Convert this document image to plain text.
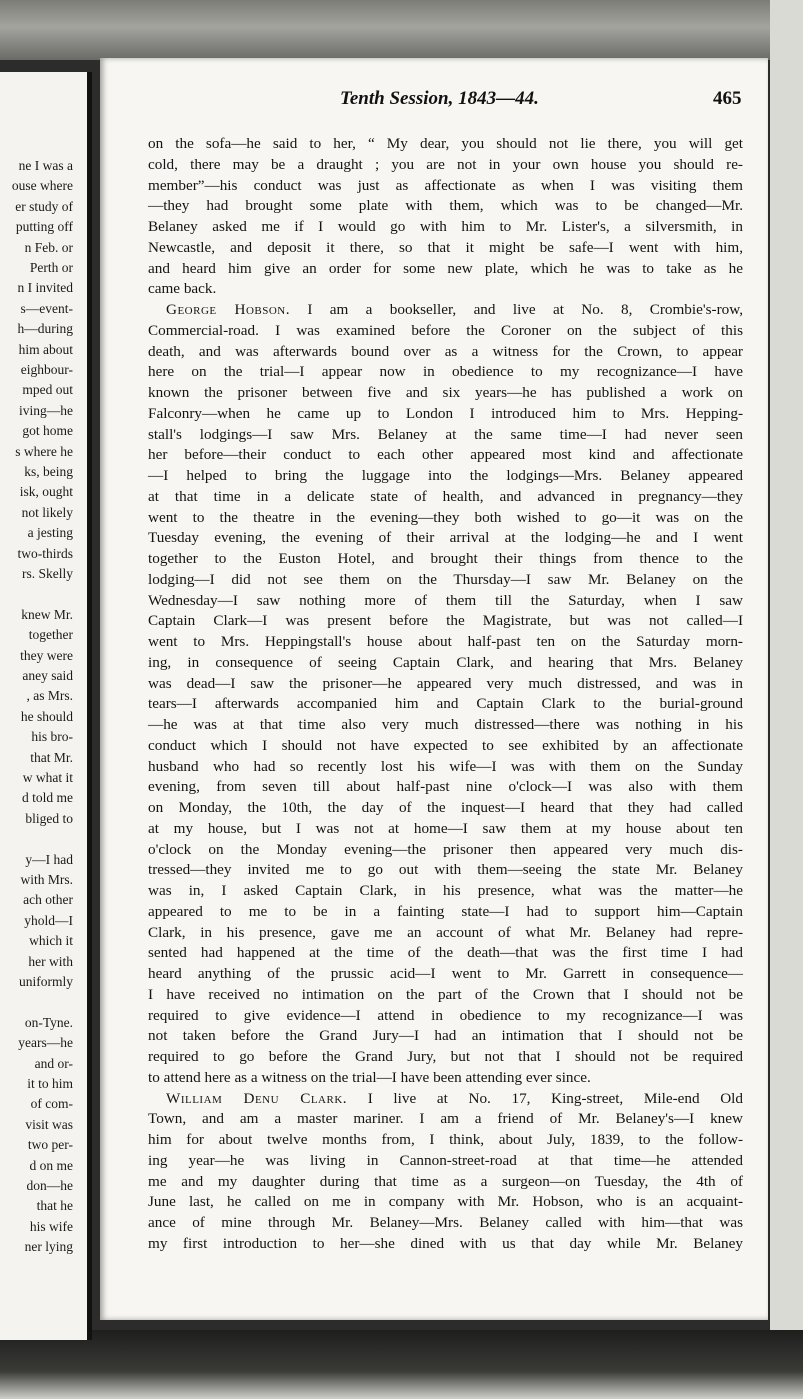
ne I was a
ouse where
er study of
putting off
n Feb. or
Perth or
n I invited
s—event-
h—during
him about
eighbour-
mped out
iving—he
got home
s where he
ks, being
isk, ought
not likely
a jesting
two-thirds
rs. Skelly
knew Mr.
together
they were
aney said
, as Mrs.
he should
his bro-
that Mr.
w what it
d told me
bliged to
y—I had
with Mrs.
ach other
yhold—I
which it
her with
uniformly
on-Tyne.
years—he
and or-
it to him
of com-
visit was
two per-
d on me
don—he
that he
his wife
ner lying
Tenth Session, 1843—44.	465
on the sofa—he said to her, “ My dear, you should not lie there, you will get
cold, there may be a draught ; you are not in your own house you should re-
member”—his conduct was just as affectionate as when I was visiting them
—they had brought some plate with them, which was to be changed—Mr.
Belaney asked me if I would go with him to Mr. Lister's, a silversmith, in
Newcastle, and deposit it there, so that it might be safe—I went with him,
and heard him give an order for some new plate, which he was to take as he
came back.
George Hobson. I am a bookseller, and live at No. 8, Crombie's-row,
Commercial-road. I was examined before the Coroner on the subject of this
death, and was afterwards bound over as a witness for the Crown, to appear
here on the trial—I appear now in obedience to my recognizance—I have
known the prisoner between five and six years—he has published a work on
Falconry—when he came up to London I introduced him to Mrs. Hepping-
stall's lodgings—I saw Mrs. Belaney at the same time—I had never seen
her before—their conduct to each other appeared most kind and affectionate
—I helped to bring the luggage into the lodgings—Mrs. Belaney appeared
at that time in a delicate state of health, and advanced in pregnancy—they
went to the theatre in the evening—they both wished to go—it was on the
Tuesday evening, the evening of their arrival at the lodging—he and I went
together to the Euston Hotel, and brought their things from thence to the
lodging—I did not see them on the Thursday—I saw Mr. Belaney on the
Wednesday—I saw nothing more of them till the Saturday, when I saw
Captain Clark—I was present before the Magistrate, but was not called—I
went to Mrs. Heppingstall's house about half-past ten on the Saturday morn-
ing, in consequence of seeing Captain Clark, and hearing that Mrs. Belaney
was dead—I saw the prisoner—he appeared very much distressed, and was in
tears—I afterwards accompanied him and Captain Clark to the burial-ground
—he was at that time also very much distressed—there was nothing in his
conduct which I should not have expected to see exhibited by an affectionate
husband who had so recently lost his wife—I was with them on the Sunday
evening, from seven till about half-past nine o'clock—I was also with them
on Monday, the 10th, the day of the inquest—I heard that they had called
at my house, but I was not at home—I saw them at my house about ten
o'clock on the Monday evening—the prisoner then appeared very much dis-
tressed—they invited me to go out with them—seeing the state Mr. Belaney
was in, I asked Captain Clark, in his presence, what was the matter—he
appeared to me to be in a fainting state—I had to support him—Captain
Clark, in his presence, gave me an account of what Mr. Belaney had repre-
sented had happened at the time of the death—that was the first time I had
heard anything of the prussic acid—I went to Mr. Garrett in consequence—
I have received no intimation on the part of the Crown that I should not be
required to give evidence—I attend in obedience to my recognizance—I was
not taken before the Grand Jury—I had an intimation that I should not be
required to go before the Grand Jury, but not that I should not be required
to attend here as a witness on the trial—I have been attending ever since.
William Denu Clark. I live at No. 17, King-street, Mile-end Old
Town, and am a master mariner. I am a friend of Mr. Belaney's—I knew
him for about twelve months from, I think, about July, 1839, to the follow-
ing year—he was living in Cannon-street-road at that time—he attended
me and my daughter during that time as a surgeon—on Tuesday, the 4th of
June last, he called on me in company with Mr. Hobson, who is an acquaint-
ance of mine through Mr. Belaney—Mrs. Belaney called with him—that was
my first introduction to her—she dined with us that day while Mr. Belaney
